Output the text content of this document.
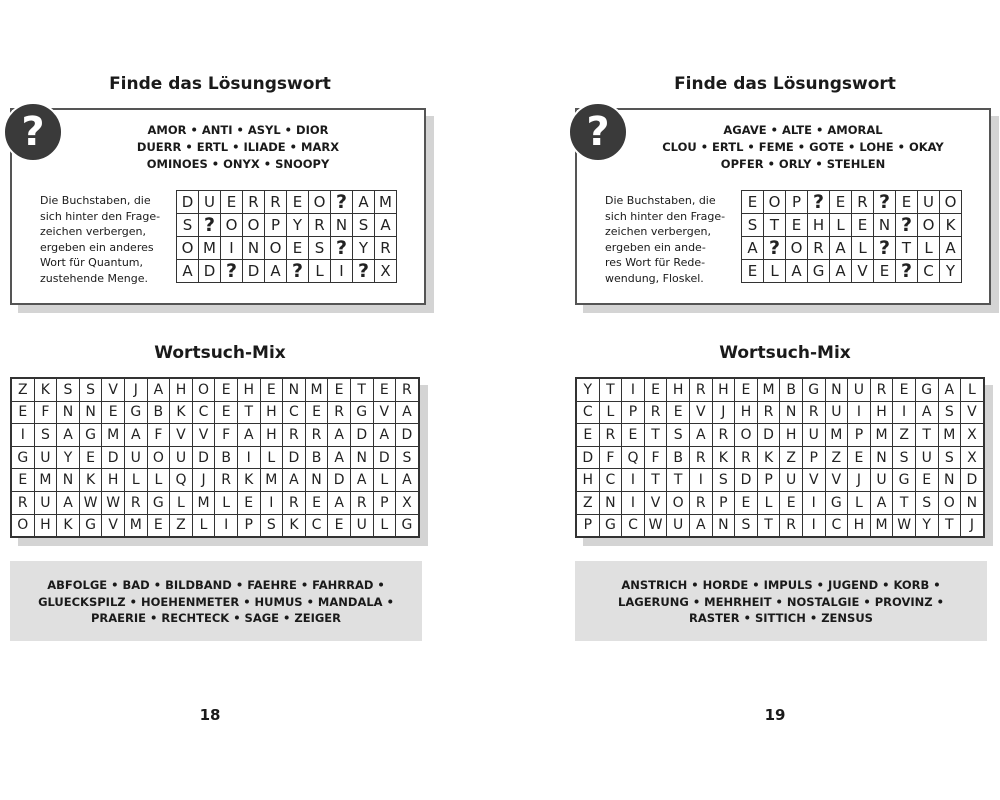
Finde das Lösungswort
?	AMOR • ANTI • ASYL • DIOR
DUERR • ERTL • ILIADE • MARX
OMINOES • ONYX • SNOOPY
Die Buchstaben, die
sich hinter den Frage-
zeichen verbergen,
ergeben ein anderes
Wort für Quantum,
zustehende Menge.
D	U	E	R	R	E	O	?	A	M
S	?	O	O	P	Y	R	N	S	A
O	M	I	N	O	E	S	?	Y	R
A	D	?	D	A	?	L	I	?	X
Wortsuch-Mix
Z	K	S	S	V	J	A	H	O	E	H	E	N	M	E	T	E	R
E	F	N	N	E	G	B	K	C	E	T	H	C	E	R	G	V	A
I	S	A	G	M	A	F	V	V	F	A	H	R	R	A	D	A	D
G	U	Y	E	D	U	O	U	D	B	I	L	D	B	A	N	D	S
E	M	N	K	H	L	L	Q	J	R	K	M	A	N	D	A	L	A
R	U	A	W	W	R	G	L	M	L	E	I	R	E	A	R	P	X
O	H	K	G	V	M	E	Z	L	I	P	S	K	C	E	U	L	G
ABFOLGE • BAD • BILDBAND • FAEHRE • FAHRRAD •
GLUECKSPILZ • HOEHENMETER • HUMUS • MANDALA •
PRAERIE • RECHTECK • SAGE • ZEIGER
18
Finde das Lösungswort
?	AGAVE • ALTE • AMORAL
CLOU • ERTL • FEME • GOTE • LOHE • OKAY
OPFER • ORLY • STEHLEN
Die Buchstaben, die
sich hinter den Frage-
zeichen verbergen,
ergeben ein ande-
res Wort für Rede-
wendung, Floskel.
E	O	P	?	E	R	?	E	U	O
S	T	E	H	L	E	N	?	O	K
A	?	O	R	A	L	?	T	L	A
E	L	A	G	A	V	E	?	C	Y
Wortsuch-Mix
Y	T	I	E	H	R	H	E	M	B	G	N	U	R	E	G	A	L
C	L	P	R	E	V	J	H	R	N	R	U	I	H	I	A	S	V
E	R	E	T	S	A	R	O	D	H	U	M	P	M	Z	T	M	X
D	F	Q	F	B	R	K	R	K	Z	P	Z	E	N	S	U	S	X
H	C	I	T	T	I	S	D	P	U	V	V	J	U	G	E	N	D
Z	N	I	V	O	R	P	E	L	E	I	G	L	A	T	S	O	N
P	G	C	W	U	A	N	S	T	R	I	C	H	M	W	Y	T	J
ANSTRICH • HORDE • IMPULS • JUGEND • KORB •
LAGERUNG • MEHRHEIT • NOSTALGIE • PROVINZ •
RASTER • SITTICH • ZENSUS
19
